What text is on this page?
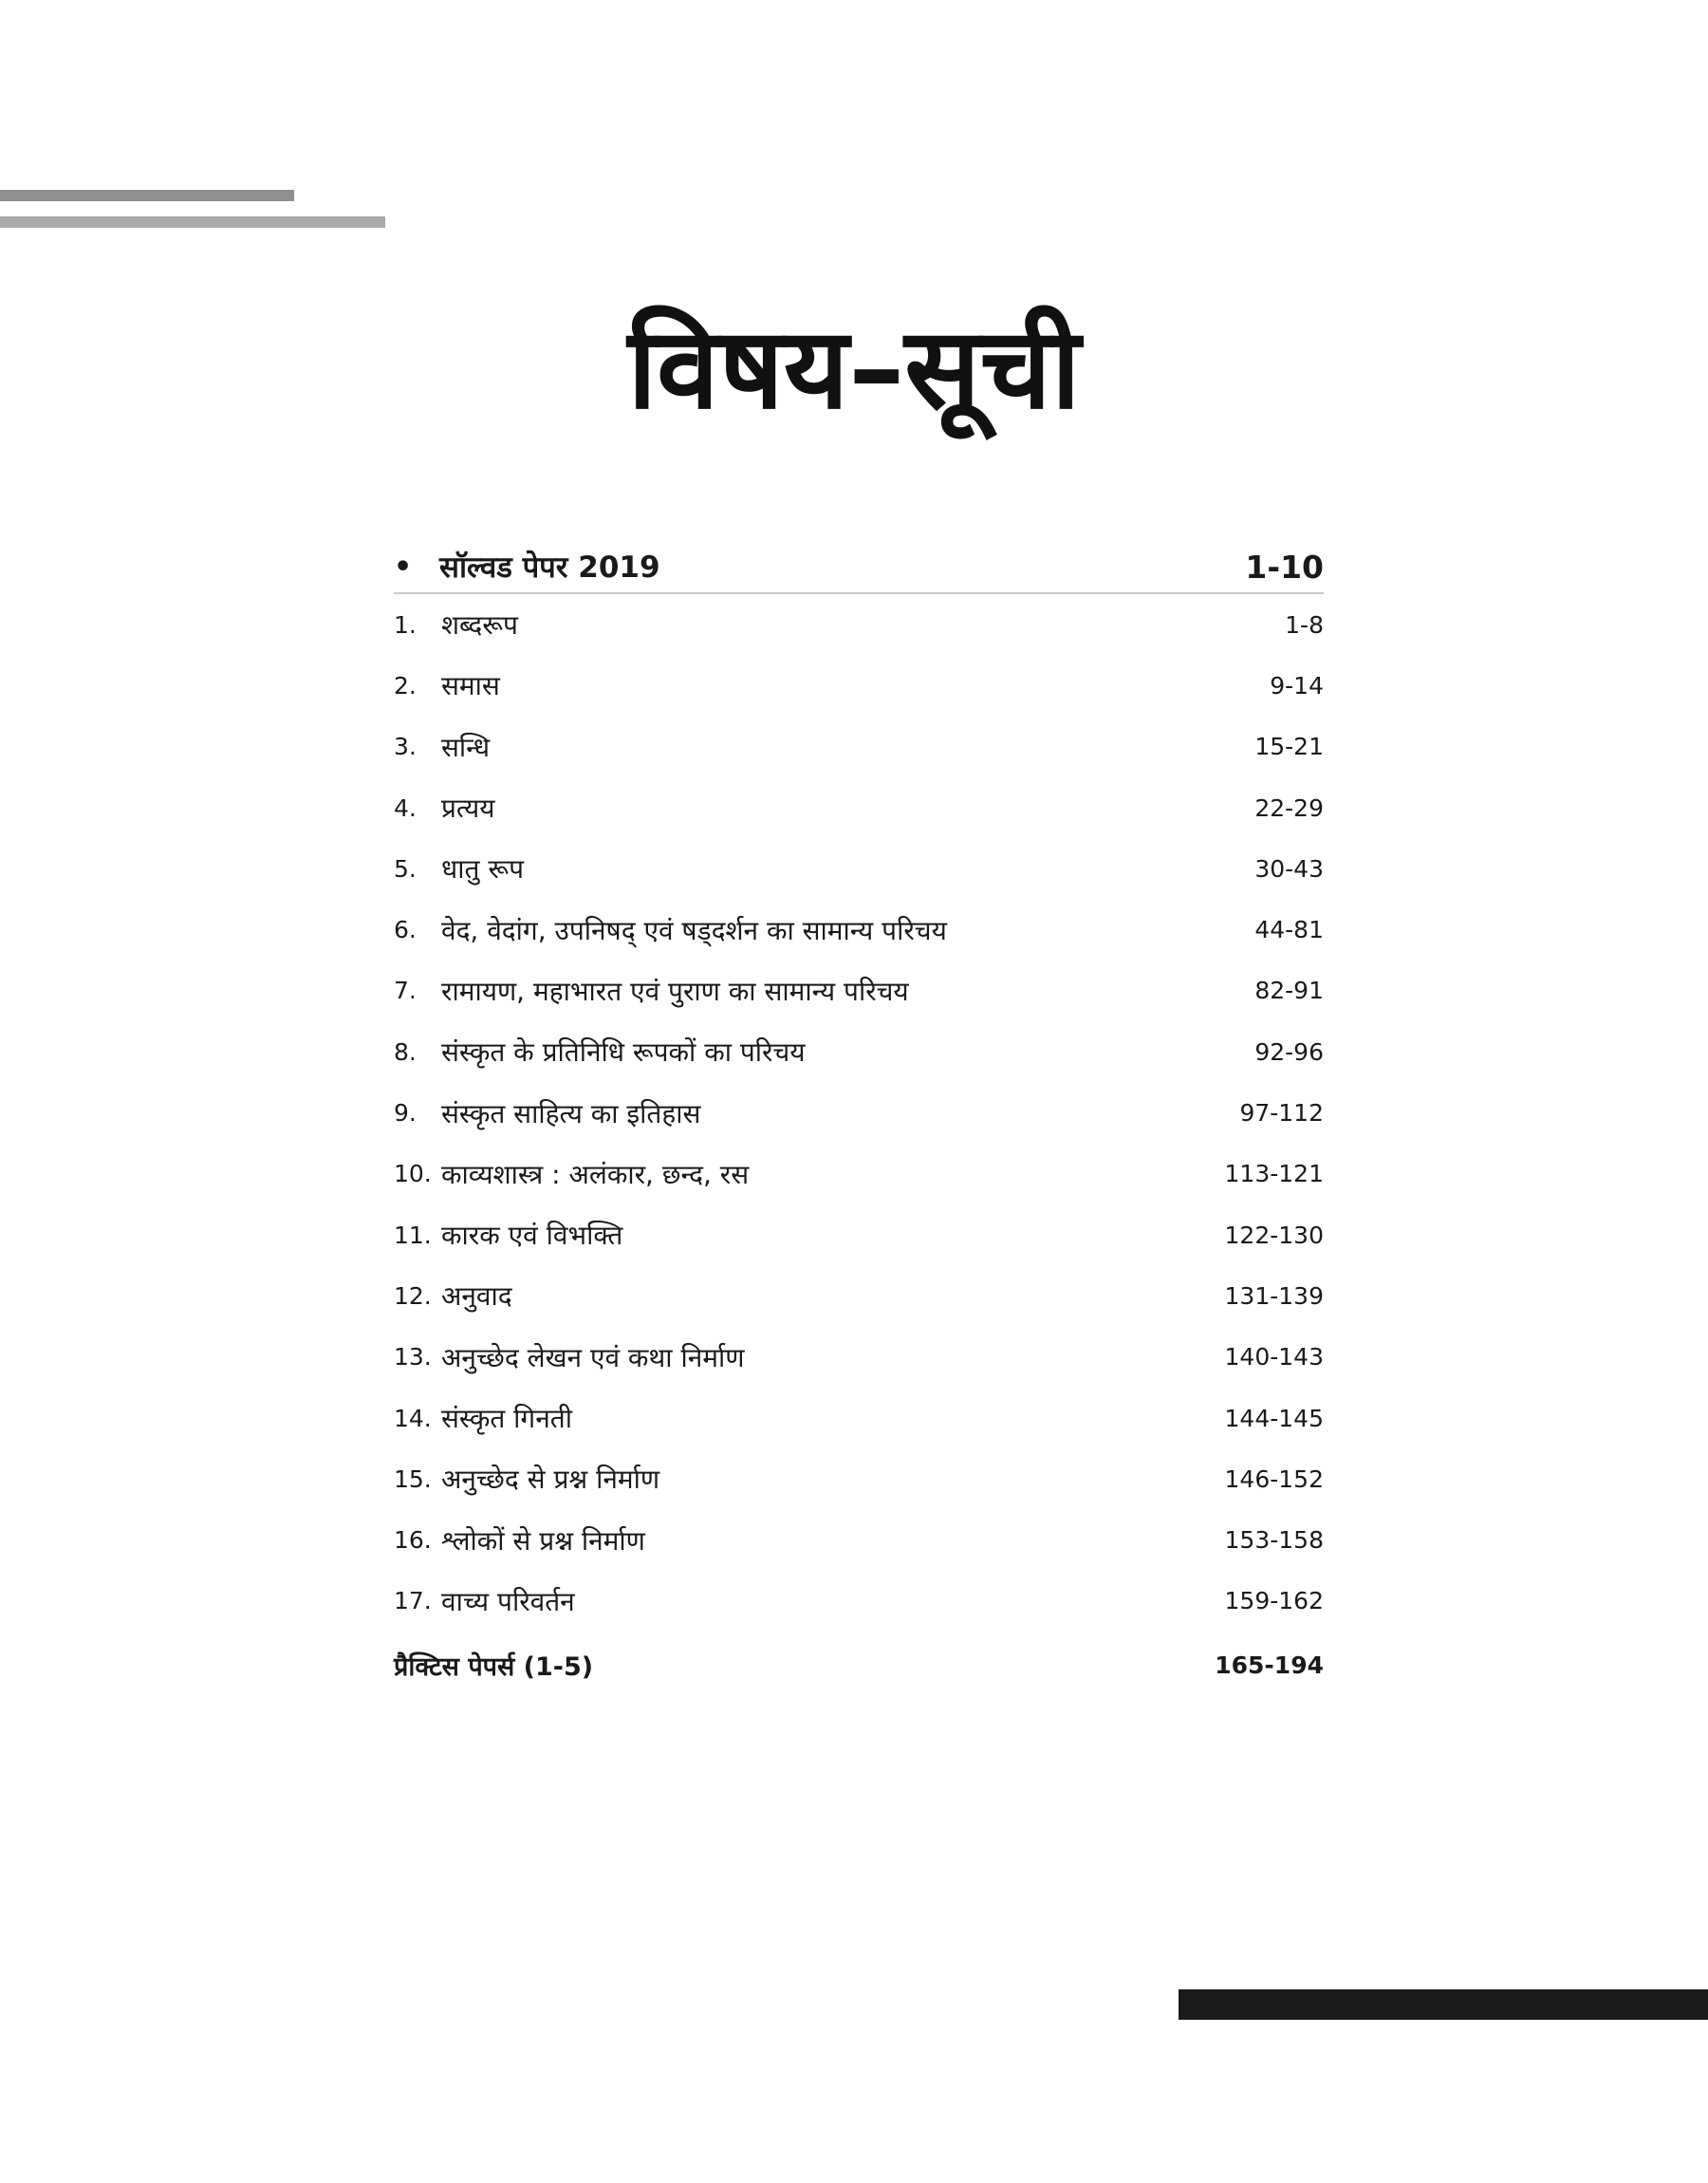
विषय–सूची
• सॉल्वड पेपर 2019	1-10
1. शब्दरूप	1-8
2. समास	9-14
3. सन्धि	15-21
4. प्रत्यय	22-29
5. धातु रूप	30-43
6. वेद, वेदांग, उपनिषद् एवं षड्दर्शन का सामान्य परिचय	44-81
7. रामायण, महाभारत एवं पुराण का सामान्य परिचय	82-91
8. संस्कृत के प्रतिनिधि रूपकों का परिचय	92-96
9. संस्कृत साहित्य का इतिहास	97-112
10. काव्यशास्त्र : अलंकार, छन्द, रस	113-121
11. कारक एवं विभक्ति	122-130
12. अनुवाद	131-139
13. अनुच्छेद लेखन एवं कथा निर्माण	140-143
14. संस्कृत गिनती	144-145
15. अनुच्छेद से प्रश्न निर्माण	146-152
16. श्लोकों से प्रश्न निर्माण	153-158
17. वाच्य परिवर्तन	159-162
प्रैक्टिस पेपर्स (1-5)	165-194
